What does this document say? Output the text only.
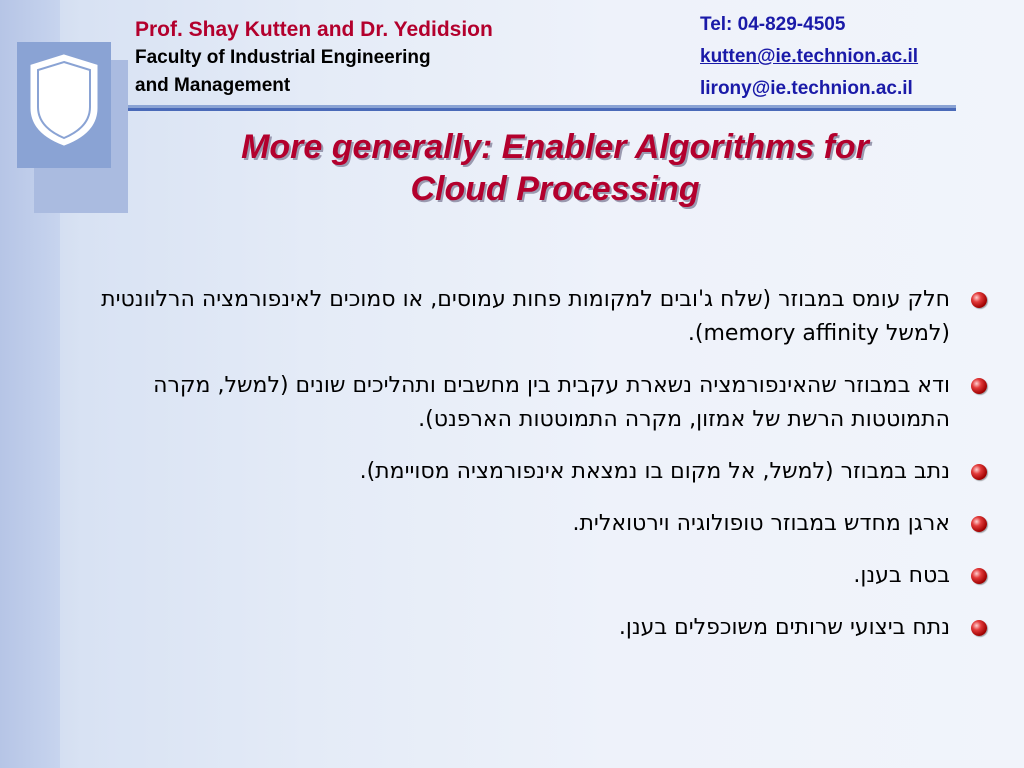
Prof. Shay Kutten and Dr. Yedidsion
Faculty of Industrial Engineering
and Management
Tel: 04-829-4505
kutten@ie.technion.ac.il
lirony@ie.technion.ac.il
More generally: Enabler Algorithms for
Cloud Processing
חלק עומס במבוזר (שלח ג'ובים למקומות פחות עמוסים, או סמוכים לאינפורמציה הרלוונטית (למשל memory affinity).
ודא במבוזר שהאינפורמציה נשארת עקבית בין מחשבים ותהליכים שונים (למשל, מקרה התמוטטות הרשת של אמזון, מקרה התמוטטות הארפנט).
נתב במבוזר (למשל, אל מקום בו נמצאת אינפורמציה מסויימת).
ארגן מחדש במבוזר טופולוגיה וירטואלית.
בטח בענן.
נתח ביצועי שרותים משוכפלים בענן.
